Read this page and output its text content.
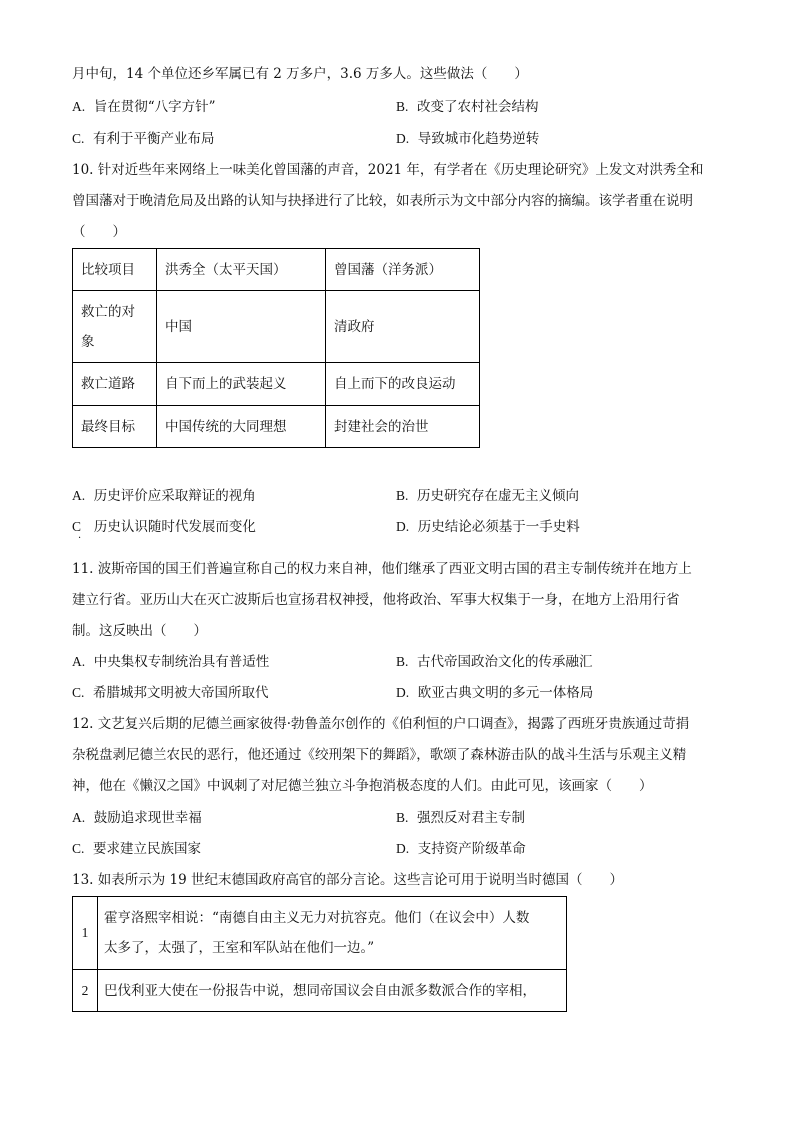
月中旬，14 个单位还乡军属已有 2 万多户，3.6 万多人。这些做法（　　）
A. 旨在贯彻“八字方针”	B. 改变了农村社会结构
C. 有利于平衡产业布局	D. 导致城市化趋势逆转
10. 针对近些年来网络上一味美化曾国藩的声音，2021 年，有学者在《历史理论研究》上发文对洪秀全和
曾国藩对于晚清危局及出路的认知与抉择进行了比较，如表所示为文中部分内容的摘编。该学者重在说明
（　　）
比较项目	洪秀全（太平天国）	曾国藩（洋务派）

救亡的对
象	中国	清政府
救亡道路	自下而上的武装起义	自上而下的改良运动
最终目标	中国传统的大同理想	封建社会的治世
A. 历史评价应采取辩证的视角	B. 历史研究存在虚无主义倾向
C 历史认识随时代发展而变化
·
D. 历史结论必须基于一手史料
11. 波斯帝国的国王们普遍宣称自己的权力来自神，他们继承了西亚文明古国的君主专制传统并在地方上
建立行省。亚历山大在灭亡波斯后也宣扬君权神授，他将政治、军事大权集于一身，在地方上沿用行省
制。这反映出（　　）
A. 中央集权专制统治具有普适性	B. 古代帝国政治文化的传承融汇
C. 希腊城邦文明被大帝国所取代	D. 欧亚古典文明的多元一体格局
12. 文艺复兴后期的尼德兰画家彼得·勃鲁盖尔创作的《伯利恒的户口调查》，揭露了西班牙贵族通过苛捐
杂税盘剥尼德兰农民的恶行，他还通过《绞刑架下的舞蹈》，歌颂了森林游击队的战斗生活与乐观主义精
神，他在《懒汉之国》中讽刺了对尼德兰独立斗争抱消极态度的人们。由此可见，该画家（　　）
A. 鼓励追求现世幸福	B. 强烈反对君主专制
C. 要求建立民族国家	D. 支持资产阶级革命
13. 如表所示为 19 世纪末德国政府高官的部分言论。这些言论可用于说明当时德国（　　）
1	霍亨洛熙宰相说：“南德自由主义无力对抗容克。他们（在议会中）人数
太多了，太强了，王室和军队站在他们一边。”

2	巴伐利亚大使在一份报告中说，想同帝国议会自由派多数派合作的宰相，
